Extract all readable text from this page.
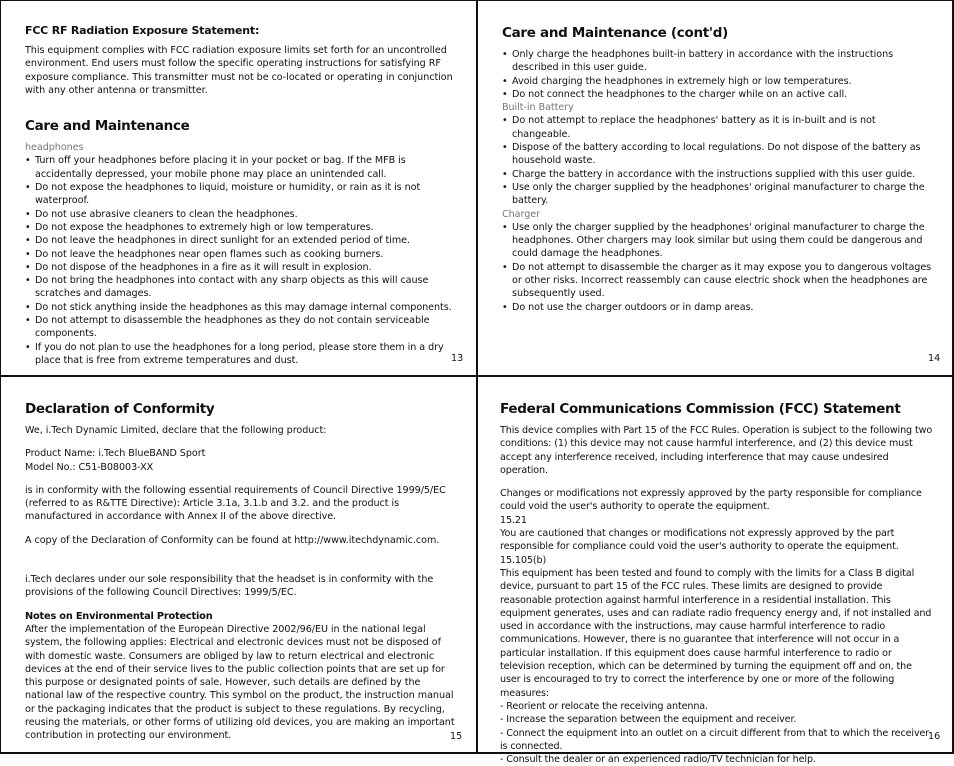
FCC RF Radiation Exposure Statement:

This equipment complies with FCC radiation exposure limits set forth for an uncontrolled environment. End users must follow the specific operating instructions for satisfying RF exposure compliance. This transmitter must not be co-located or operating in conjunction with any other antenna or transmitter.

Care and Maintenance

headphones

• Turn off your headphones before placing it in your pocket or bag. If the MFB is accidentally depressed, your mobile phone may place an unintended call.
• Do not expose the headphones to liquid, moisture or humidity, or rain as it is not waterproof.
• Do not use abrasive cleaners to clean the headphones.
• Do not expose the headphones to extremely high or low temperatures.
• Do not leave the headphones in direct sunlight for an extended period of time.
• Do not leave the headphones near open flames such as cooking burners.
• Do not dispose of the headphones in a fire as it will result in explosion.
• Do not bring the headphones into contact with any sharp objects as this will cause scratches and damages.
• Do not stick anything inside the headphones as this may damage internal components.
• Do not attempt to disassemble the headphones as they do not contain serviceable components.
• If you do not plan to use the headphones for a long period, please store them in a dry place that is free from extreme temperatures and dust.	13
Care and Maintenance (cont'd)
• Only charge the headphones built-in battery in accordance with the instructions described in this user guide.
• Avoid charging the headphones in extremely high or low temperatures.
• Do not connect the headphones to the charger while on an active call.

Built-in Battery

• Do not attempt to replace the headphones' battery as it is in-built and is not changeable.
• Dispose of the battery according to local regulations. Do not dispose of the battery as household waste.
• Charge the battery in accordance with the instructions supplied with this user guide.
• Use only the charger supplied by the headphones' original manufacturer to charge the battery.

Charger

• Use only the charger supplied by the headphones' original manufacturer to charge the headphones. Other chargers may look similar but using them could be dangerous and could damage the headphones.
• Do not attempt to disassemble the charger as it may expose you to dangerous voltages or other risks. Incorrect reassembly can cause electric shock when the headphones are subsequently used.
• Do not use the charger outdoors or in damp areas.
14
Declaration of Conformity

We, i.Tech Dynamic Limited, declare that the following product:

Product Name: i.Tech BlueBAND Sport

Model No.: C51-B08003-XX

is in conformity with the following essential requirements of Council Directive 1999/5/EC (referred to as R&TTE Directive): Article 3.1a, 3.1.b and 3.2. and the product is manufactured in accordance with Annex II of the above directive.

A copy of the Declaration of Conformity can be found at http://www.itechdynamic.com.

i.Tech declares under our sole responsibility that the headset is in conformity with the provisions of the following Council Directives: 1999/5/EC.

Notes on Environmental Protection

After the implementation of the European Directive 2002/96/EU in the national legal system, the following applies: Electrical and electronic devices must not be disposed of with domestic waste. Consumers are obliged by law to return electrical and electronic devices at the end of their service lives to the public collection points that are set up for this purpose or designated points of sale. However, such details are defined by the national law of the respective country. This symbol on the product, the instruction manual or the packaging indicates that the product is subject to these regulations. By recycling, reusing the materials, or other forms of utilizing old devices, you are making an important contribution in protecting our environment.	15
Federal Communications Commission (FCC) Statement

This device complies with Part 15 of the FCC Rules. Operation is subject to the following two conditions: (1) this device may not cause harmful interference, and (2) this device must accept any interference received, including interference that may cause undesired operation.

Changes or modifications not expressly approved by the party responsible for compliance could void the user's authority to operate the equipment.

15.21

You are cautioned that changes or modifications not expressly approved by the part responsible for compliance could void the user's authority to operate the equipment.

15.105(b)

This equipment has been tested and found to comply with the limits for a Class B digital device, pursuant to part 15 of the FCC rules. These limits are designed to provide reasonable protection against harmful interference in a residential installation. This equipment generates, uses and can radiate radio frequency energy and, if not installed and used in accordance with the instructions, may cause harmful interference to radio communications. However, there is no guarantee that interference will not occur in a particular installation. If this equipment does cause harmful interference to radio or television reception, which can be determined by turning the equipment off and on, the user is encouraged to try to correct the interference by one or more of the following measures:

- Reorient or relocate the receiving antenna.

- Increase the separation between the equipment and receiver.

- Connect the equipment into an outlet on a circuit different from that to which the receiver is connected.

- Consult the dealer or an experienced radio/TV technician for help.

16
